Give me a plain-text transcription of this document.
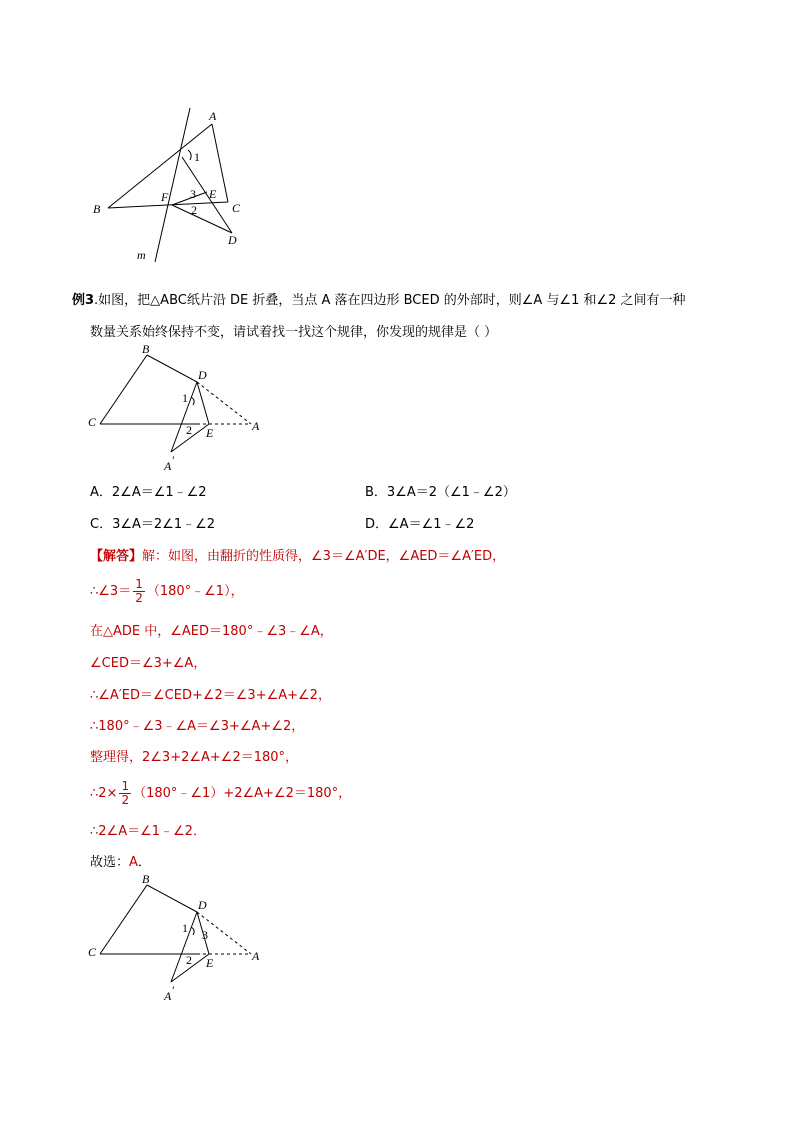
A
B	C
D
E
F
m
1
2
3
例3.如图，把△ABC纸片沿 DE 折叠，当点 A 落在四边形 BCED 的外部时，则∠A 与∠1 和∠2 之间有一种
数量关系始终保持不变，请试着找一找这个规律，你发现的规律是（ ）
B
C
D
E	A
A'
1
2
A．2∠A＝∠1﹣∠2	B．3∠A＝2（∠1﹣∠2）
C．3∠A＝2∠1﹣∠2	D．∠A＝∠1﹣∠2
【解答】解：如图，由翻折的性质得，∠3＝∠A′DE，∠AED＝∠A′ED，
∴∠3＝ $\frac{1}{2}$ （180°﹣∠1），
在△ADE 中，∠AED＝180°﹣∠3﹣∠A，
∠CED＝∠3+∠A，
∴∠A′ED＝∠CED+∠2＝∠3+∠A+∠2，
∴180°﹣∠3﹣∠A＝∠3+∠A+∠2，
整理得，2∠3+2∠A+∠2＝180°，
∴2× $\frac{1}{2}$ （180°﹣∠1）+2∠A+∠2＝180°，
∴2∠A＝∠1﹣∠2．
故选：A．
B
C
D
E	A
A'
1
2
3
